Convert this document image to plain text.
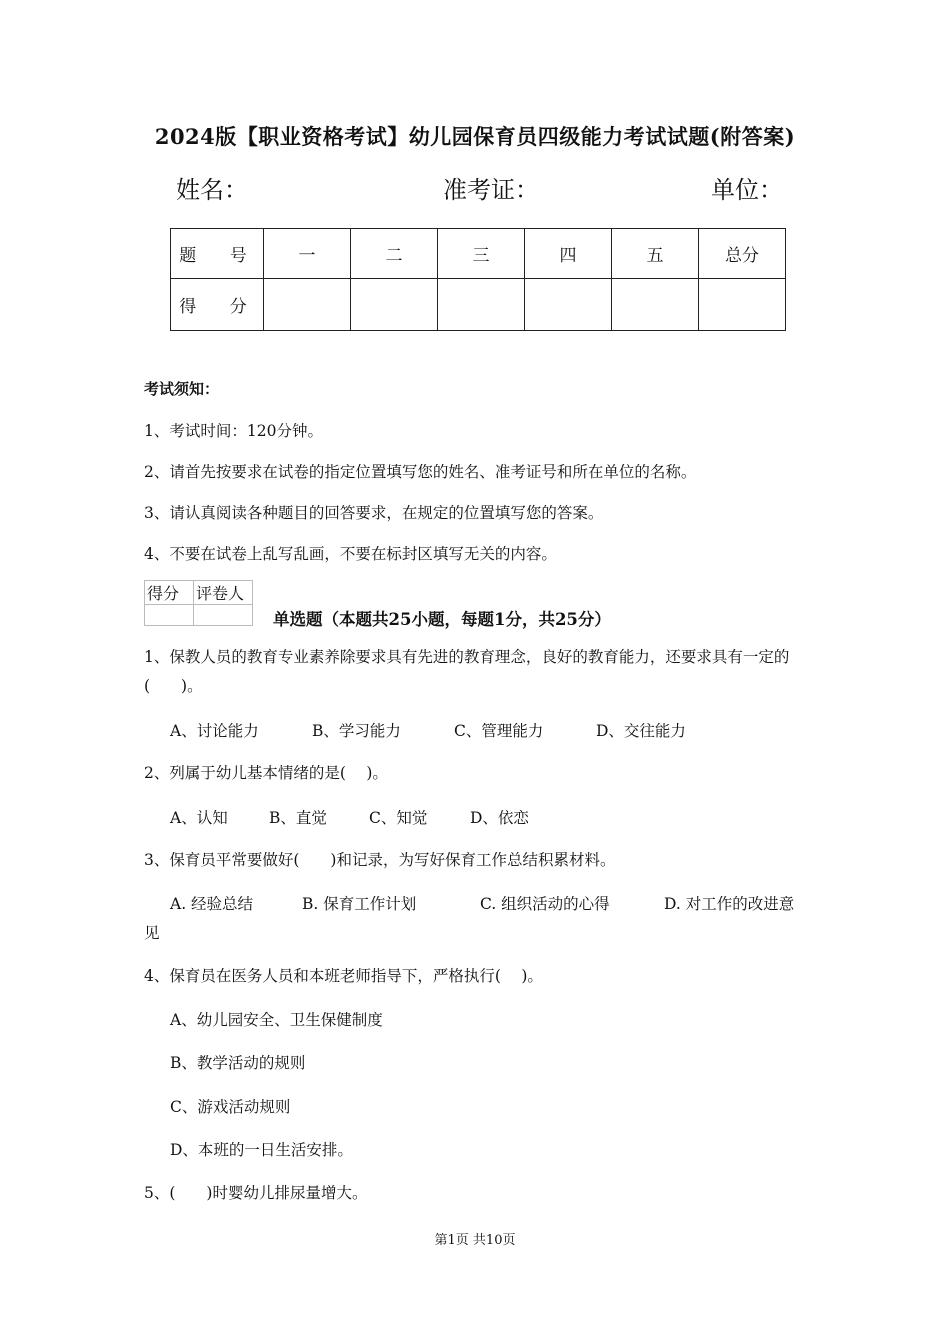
2024版【职业资格考试】幼儿园保育员四级能力考试试题(附答案)
姓名：	准考证：	单位：
题 号	一	二	三	四	五	总分
得 分						
考试须知：
1、考试时间：120分钟。
2、请首先按要求在试卷的指定位置填写您的姓名、准考证号和所在单位的名称。
3、请认真阅读各种题目的回答要求，在规定的位置填写您的答案。
4、不要在试卷上乱写乱画，不要在标封区填写无关的内容。
得分	评卷人

单选题（本题共25小题，每题1分，共25分）
1、保教人员的教育专业素养除要求具有先进的教育理念，良好的教育能力，还要求具有一定的(　　)。
A、讨论能力	B、学习能力	C、管理能力	D、交往能力
2、列属于幼儿基本情绪的是(　 )。
A、认知	B、直觉	C、知觉	D、依恋
3、保育员平常要做好(　　)和记录，为写好保育工作总结积累材料。
A. 经验总结	B. 保育工作计划	C. 组织活动的心得	D. 对工作的改进意
见
4、保育员在医务人员和本班老师指导下，严格执行(　 )。
A、幼儿园安全、卫生保健制度
B、教学活动的规则
C、游戏活动规则
D、本班的一日生活安排。
5、(　　)时婴幼儿排尿量增大。
第1页 共10页
